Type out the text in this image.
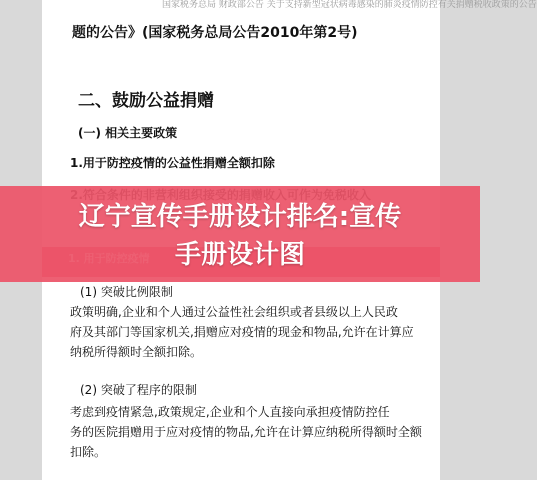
国家税务总局 财政部公告 关于支持新型冠状病毒感染的肺炎疫情防控有关捐赠税收政策的公告
题的公告》(国家税务总局公告2010年第2号)
二、鼓励公益捐赠
(一) 相关主要政策
1.用于防控疫情的公益性捐赠全额扣除
(1) 突破比例限制

政策明确,企业和个人通过公益性社会组织或者县级以上人民政

府及其部门等国家机关,捐赠应对疫情的现金和物品,允许在计算应

纳税所得额时全额扣除。

(2) 突破了程序的限制

考虑到疫情紧急,政策规定,企业和个人直接向承担疫情防控任

务的医院捐赠用于应对疫情的物品,允许在计算应纳税所得额时全额

扣除。

辽宁宣传手册设计排名:宣传
手册设计图
